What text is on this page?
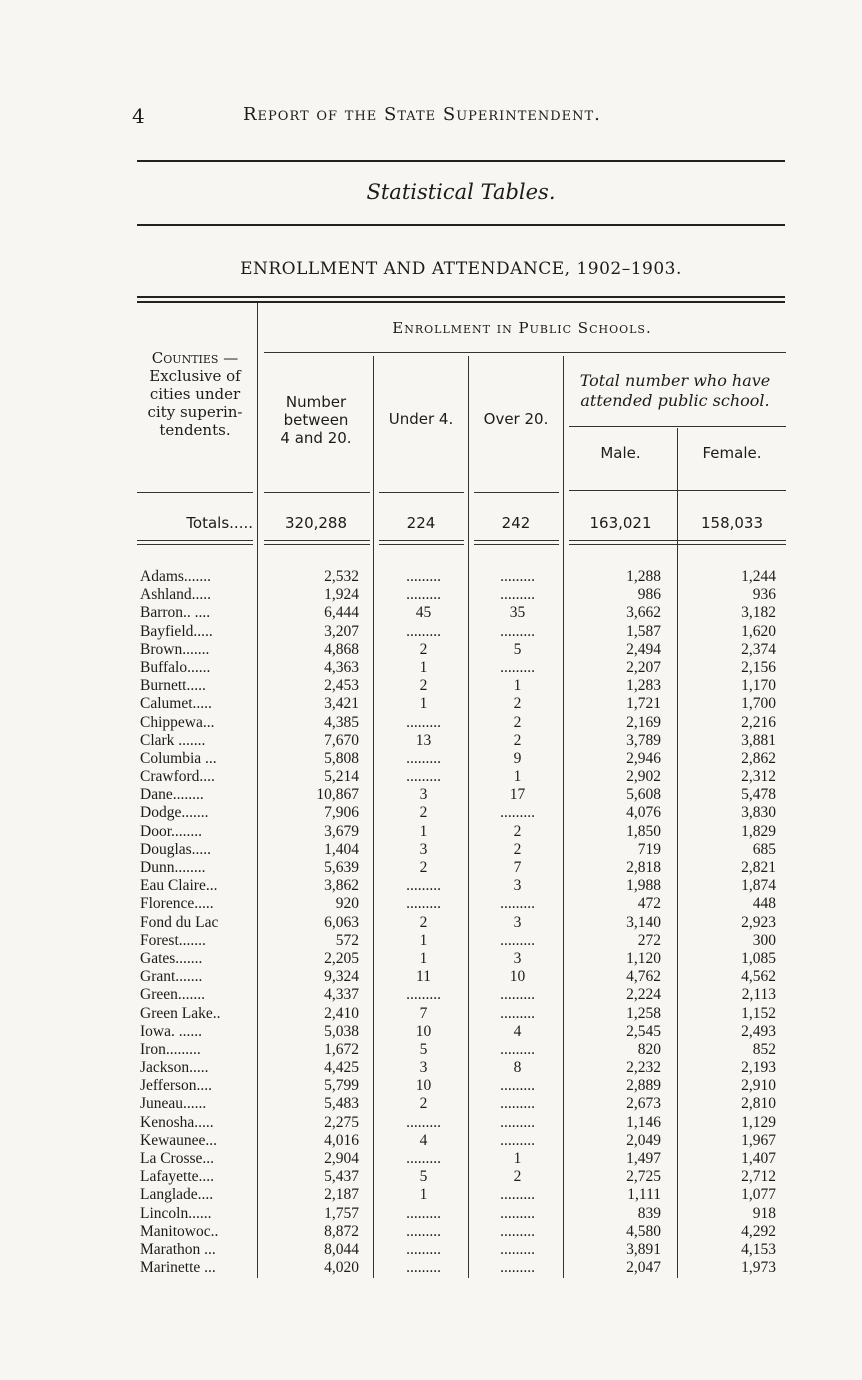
4	Report of the State Superintendent.
Statistical Tables.
ENROLLMENT AND ATTENDANCE, 1902–1903.
Counties —
Exclusive of
cities under
city superin-
tendents.
Enrollment in Public Schools.
Number
between
4 and 20.
Under 4.	Over 20.
Total number who have
attended public school.
Male.	Female.
Totals.....	320,288	224	242	163,021	158,033
Adams.......	2,532	.........	.........	1,288	1,244
Ashland.....	1,924	.........	.........	986	936
Barron.. ....	6,444	45	35	3,662	3,182
Bayfield.....	3,207	.........	.........	1,587	1,620
Brown.......	4,868	2	5	2,494	2,374
Buffalo......	4,363	1	.........	2,207	2,156
Burnett.....	2,453	2	1	1,283	1,170
Calumet.....	3,421	1	2	1,721	1,700
Chippewa...	4,385	.........	2	2,169	2,216
Clark .......	7,670	13	2	3,789	3,881
Columbia ...	5,808	.........	9	2,946	2,862
Crawford....	5,214	.........	1	2,902	2,312
Dane........	10,867	3	17	5,608	5,478
Dodge.......	7,906	2	.........	4,076	3,830
Door........	3,679	1	2	1,850	1,829
Douglas.....	1,404	3	2	719	685
Dunn........	5,639	2	7	2,818	2,821
Eau Claire...	3,862	.........	3	1,988	1,874
Florence.....	920	.........	.........	472	448
Fond du Lac	6,063	2	3	3,140	2,923
Forest.......	572	1	.........	272	300
Gates.......	2,205	1	3	1,120	1,085
Grant.......	9,324	11	10	4,762	4,562
Green.......	4,337	.........	.........	2,224	2,113
Green Lake..	2,410	7	.........	1,258	1,152
Iowa. ......	5,038	10	4	2,545	2,493
Iron.........	1,672	5	.........	820	852
Jackson.....	4,425	3	8	2,232	2,193
Jefferson....	5,799	10	.........	2,889	2,910
Juneau......	5,483	2	.........	2,673	2,810
Kenosha.....	2,275	.........	.........	1,146	1,129
Kewaunee...	4,016	4	.........	2,049	1,967
La Crosse...	2,904	.........	1	1,497	1,407
Lafayette....	5,437	5	2	2,725	2,712
Langlade....	2,187	1	.........	1,111	1,077
Lincoln......	1,757	.........	.........	839	918
Manitowoc..	8,872	.........	.........	4,580	4,292
Marathon ...	8,044	.........	.........	3,891	4,153
Marinette ...	4,020	.........	.........	2,047	1,973
